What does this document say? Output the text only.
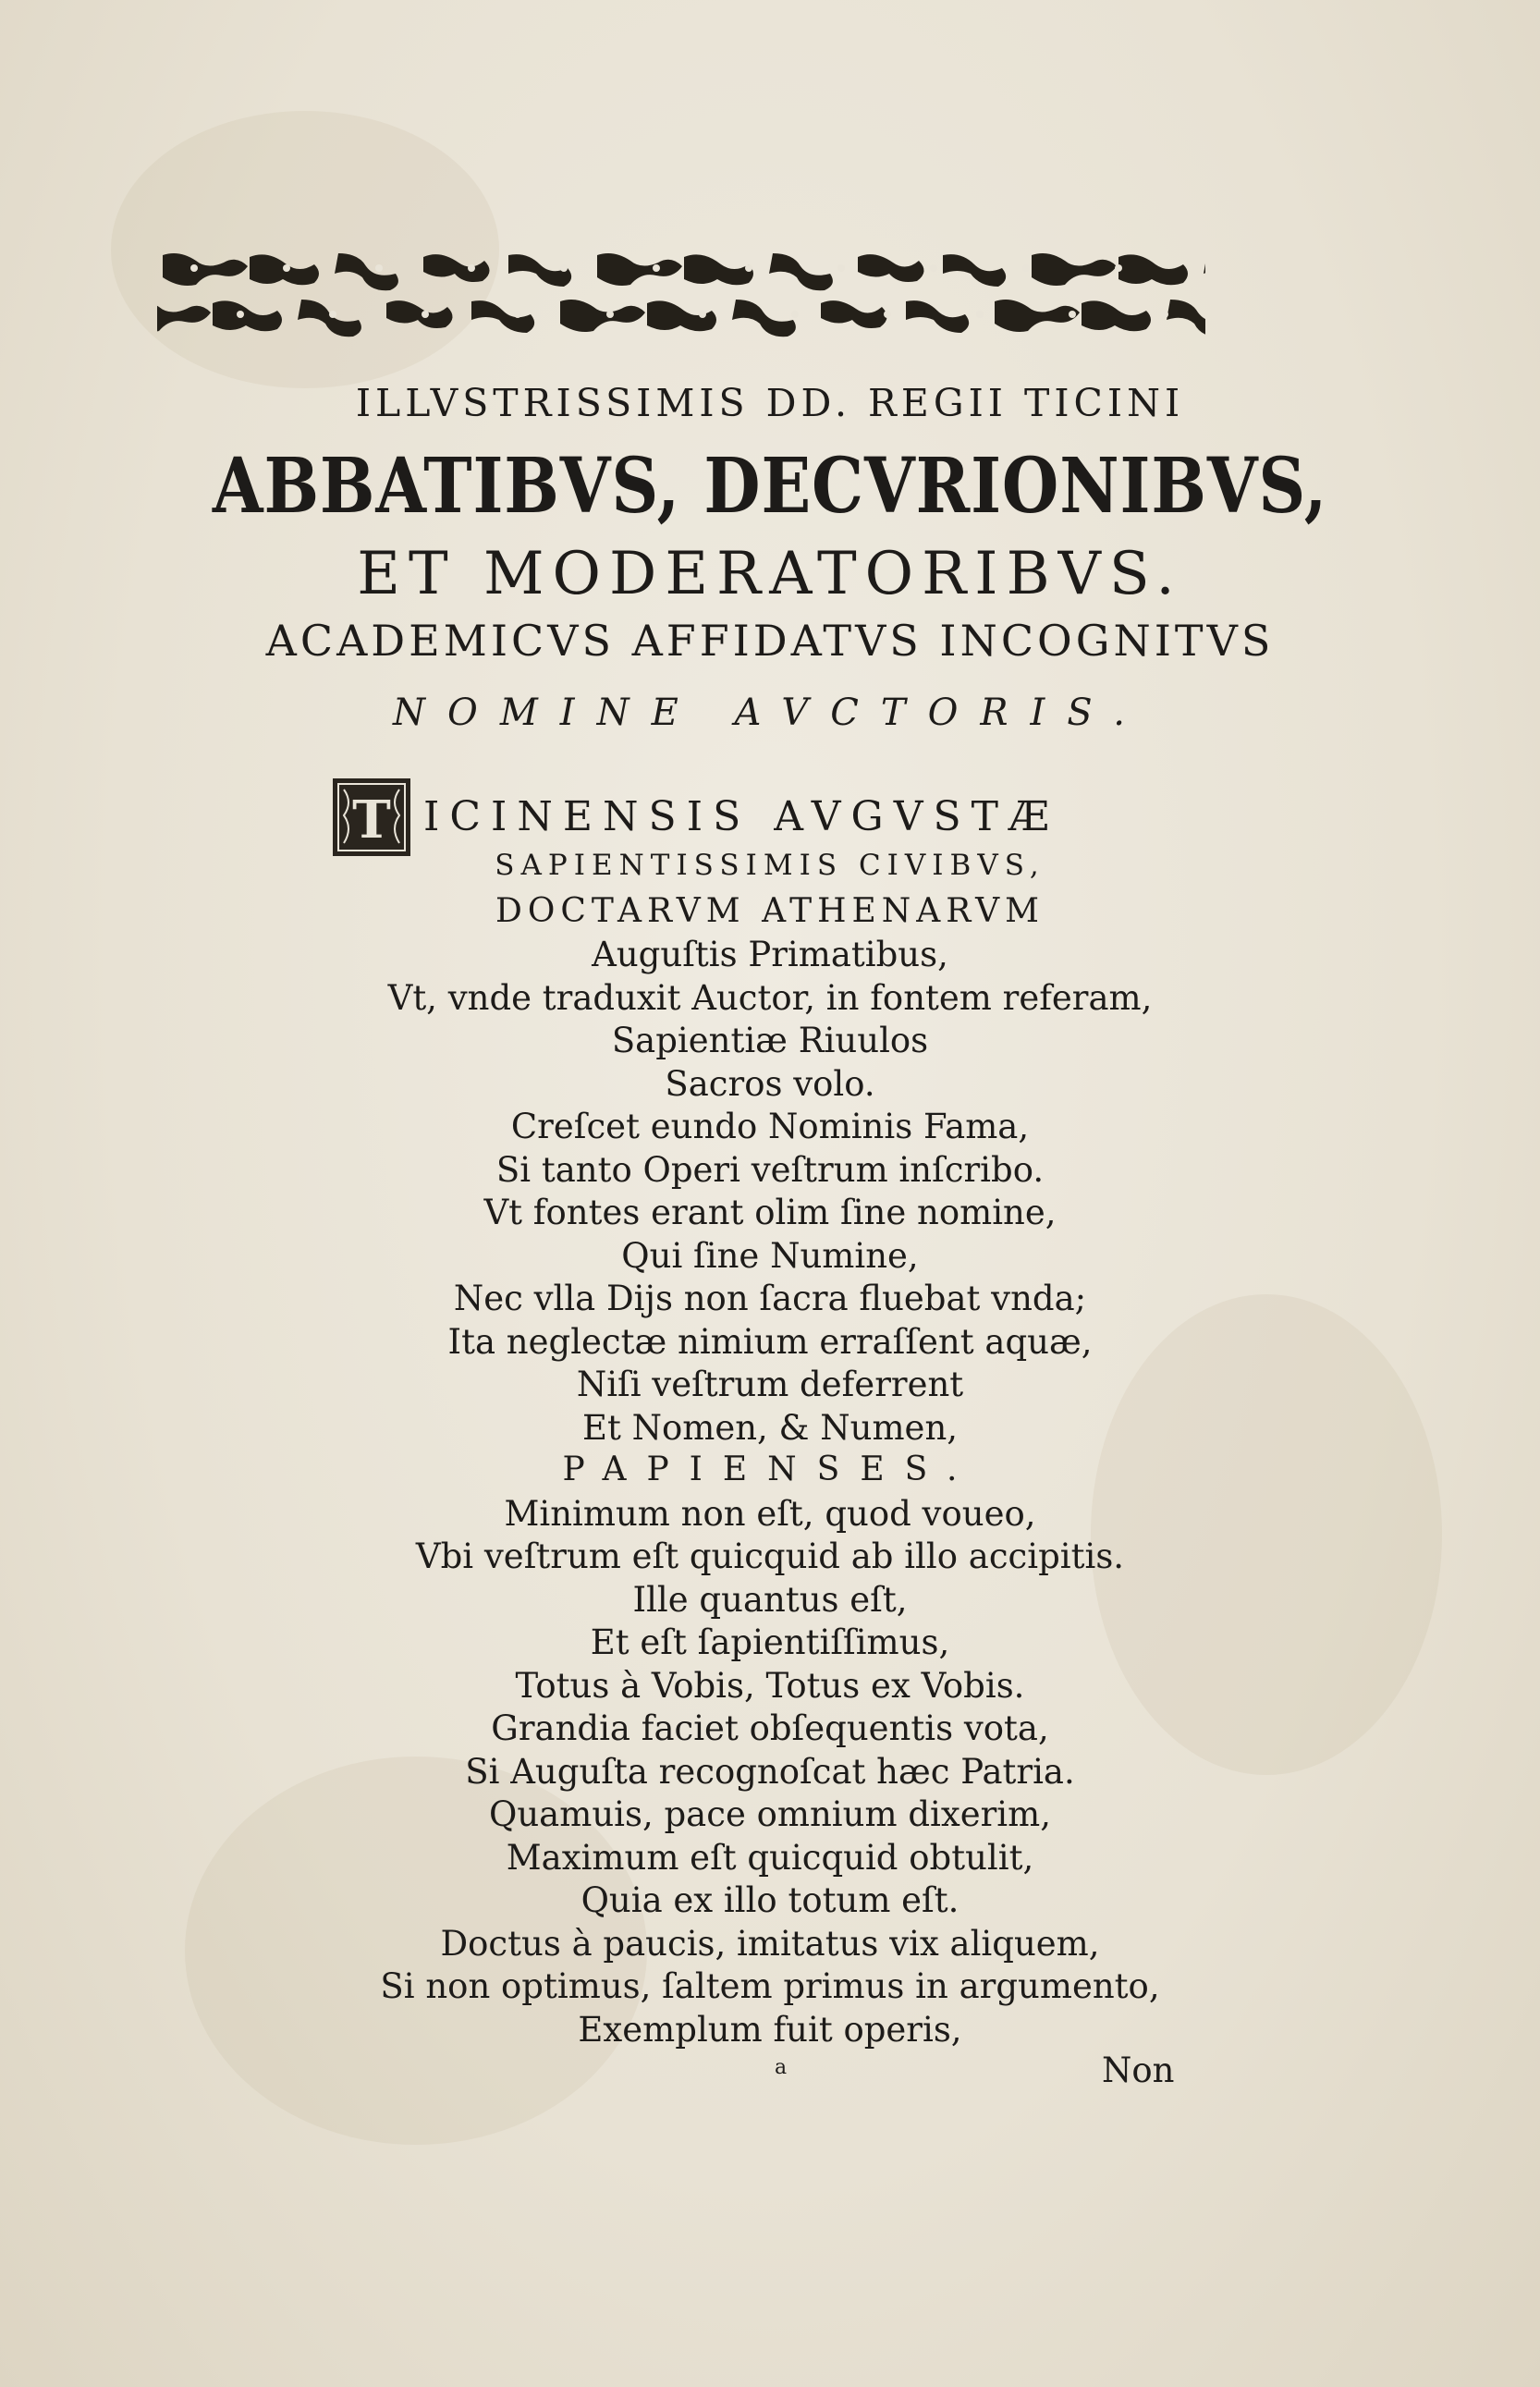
ILLVSTRISSIMIS DD. REGII TICINI
ABBATIBVS, DECVRIONIBVS,
ET MODERATORIBVS.
ACADEMICVS AFFIDATVS INCOGNITVS
NOMINE AVCTORIS.
T ICINENSIS AVGVSTÆ
SAPIENTISSIMIS CIVIBVS,
DOCTARVM ATHENARVM
Auguſtis Primatibus,
Vt, vnde traduxit Auctor, in fontem referam,
Sapientiæ Riuulos
Sacros volo.
Creſcet eundo Nominis Fama,
Si tanto Operi veſtrum inſcribo.
Vt fontes erant olim ſine nomine,
Qui ſine Numine,
Nec vlla Dijs non ſacra fluebat vnda;
Ita neglectæ nimium erraſſent aquæ,
Niſi veſtrum deferrent
Et Nomen, & Numen,
PAPIENSES.
Minimum non eſt, quod voueo,
Vbi veſtrum eſt quicquid ab illo accipitis.
Ille quantus eſt,
Et eſt ſapientiſſimus,
Totus à Vobis, Totus ex Vobis.
Grandia faciet obſequentis vota,
Si Auguſta recognoſcat hæc Patria.
Quamuis, pace omnium dixerim,
Maximum eſt quicquid obtulit,
Quia ex illo totum eſt.
Doctus à paucis, imitatus vix aliquem,
Si non optimus, ſaltem primus in argumento,
Exemplum fuit operis,
a	Non
